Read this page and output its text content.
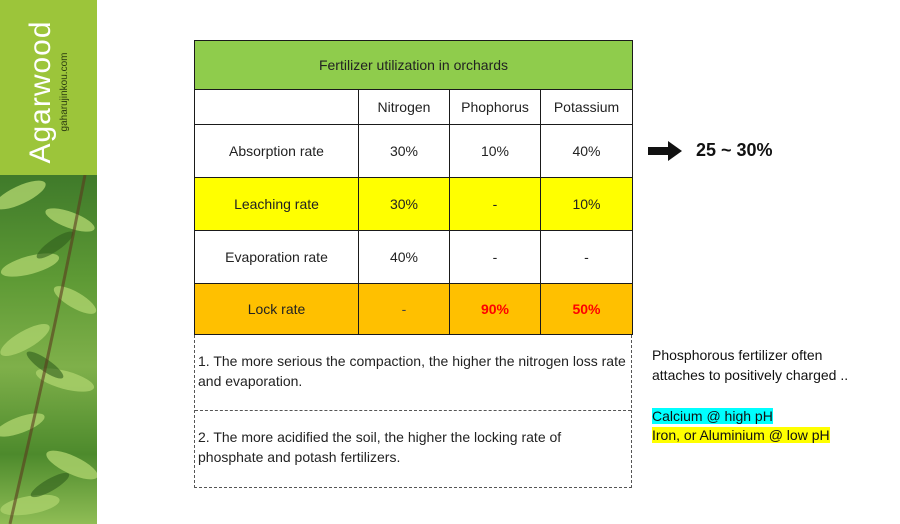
Agarwood gaharujinkou.com	Fertilizer utilization in orchards			
	Nitrogen	Phophorus	Potassium
Absorption rate	30%	10%	40%
Leaching rate	30%	-	10%
Evaporation rate	40%	-	-
Lock rate	-	90%	50%
1. The more serious the compaction, the higher the nitrogen loss rate and evaporation.
2. The more acidified the soil, the higher the locking rate of phosphate and potash fertilizers.
25 ~ 30%
Phosphorous fertilizer often
attaches to positively charged ..
Calcium @ high pH
Iron, or Aluminium @ low pH
